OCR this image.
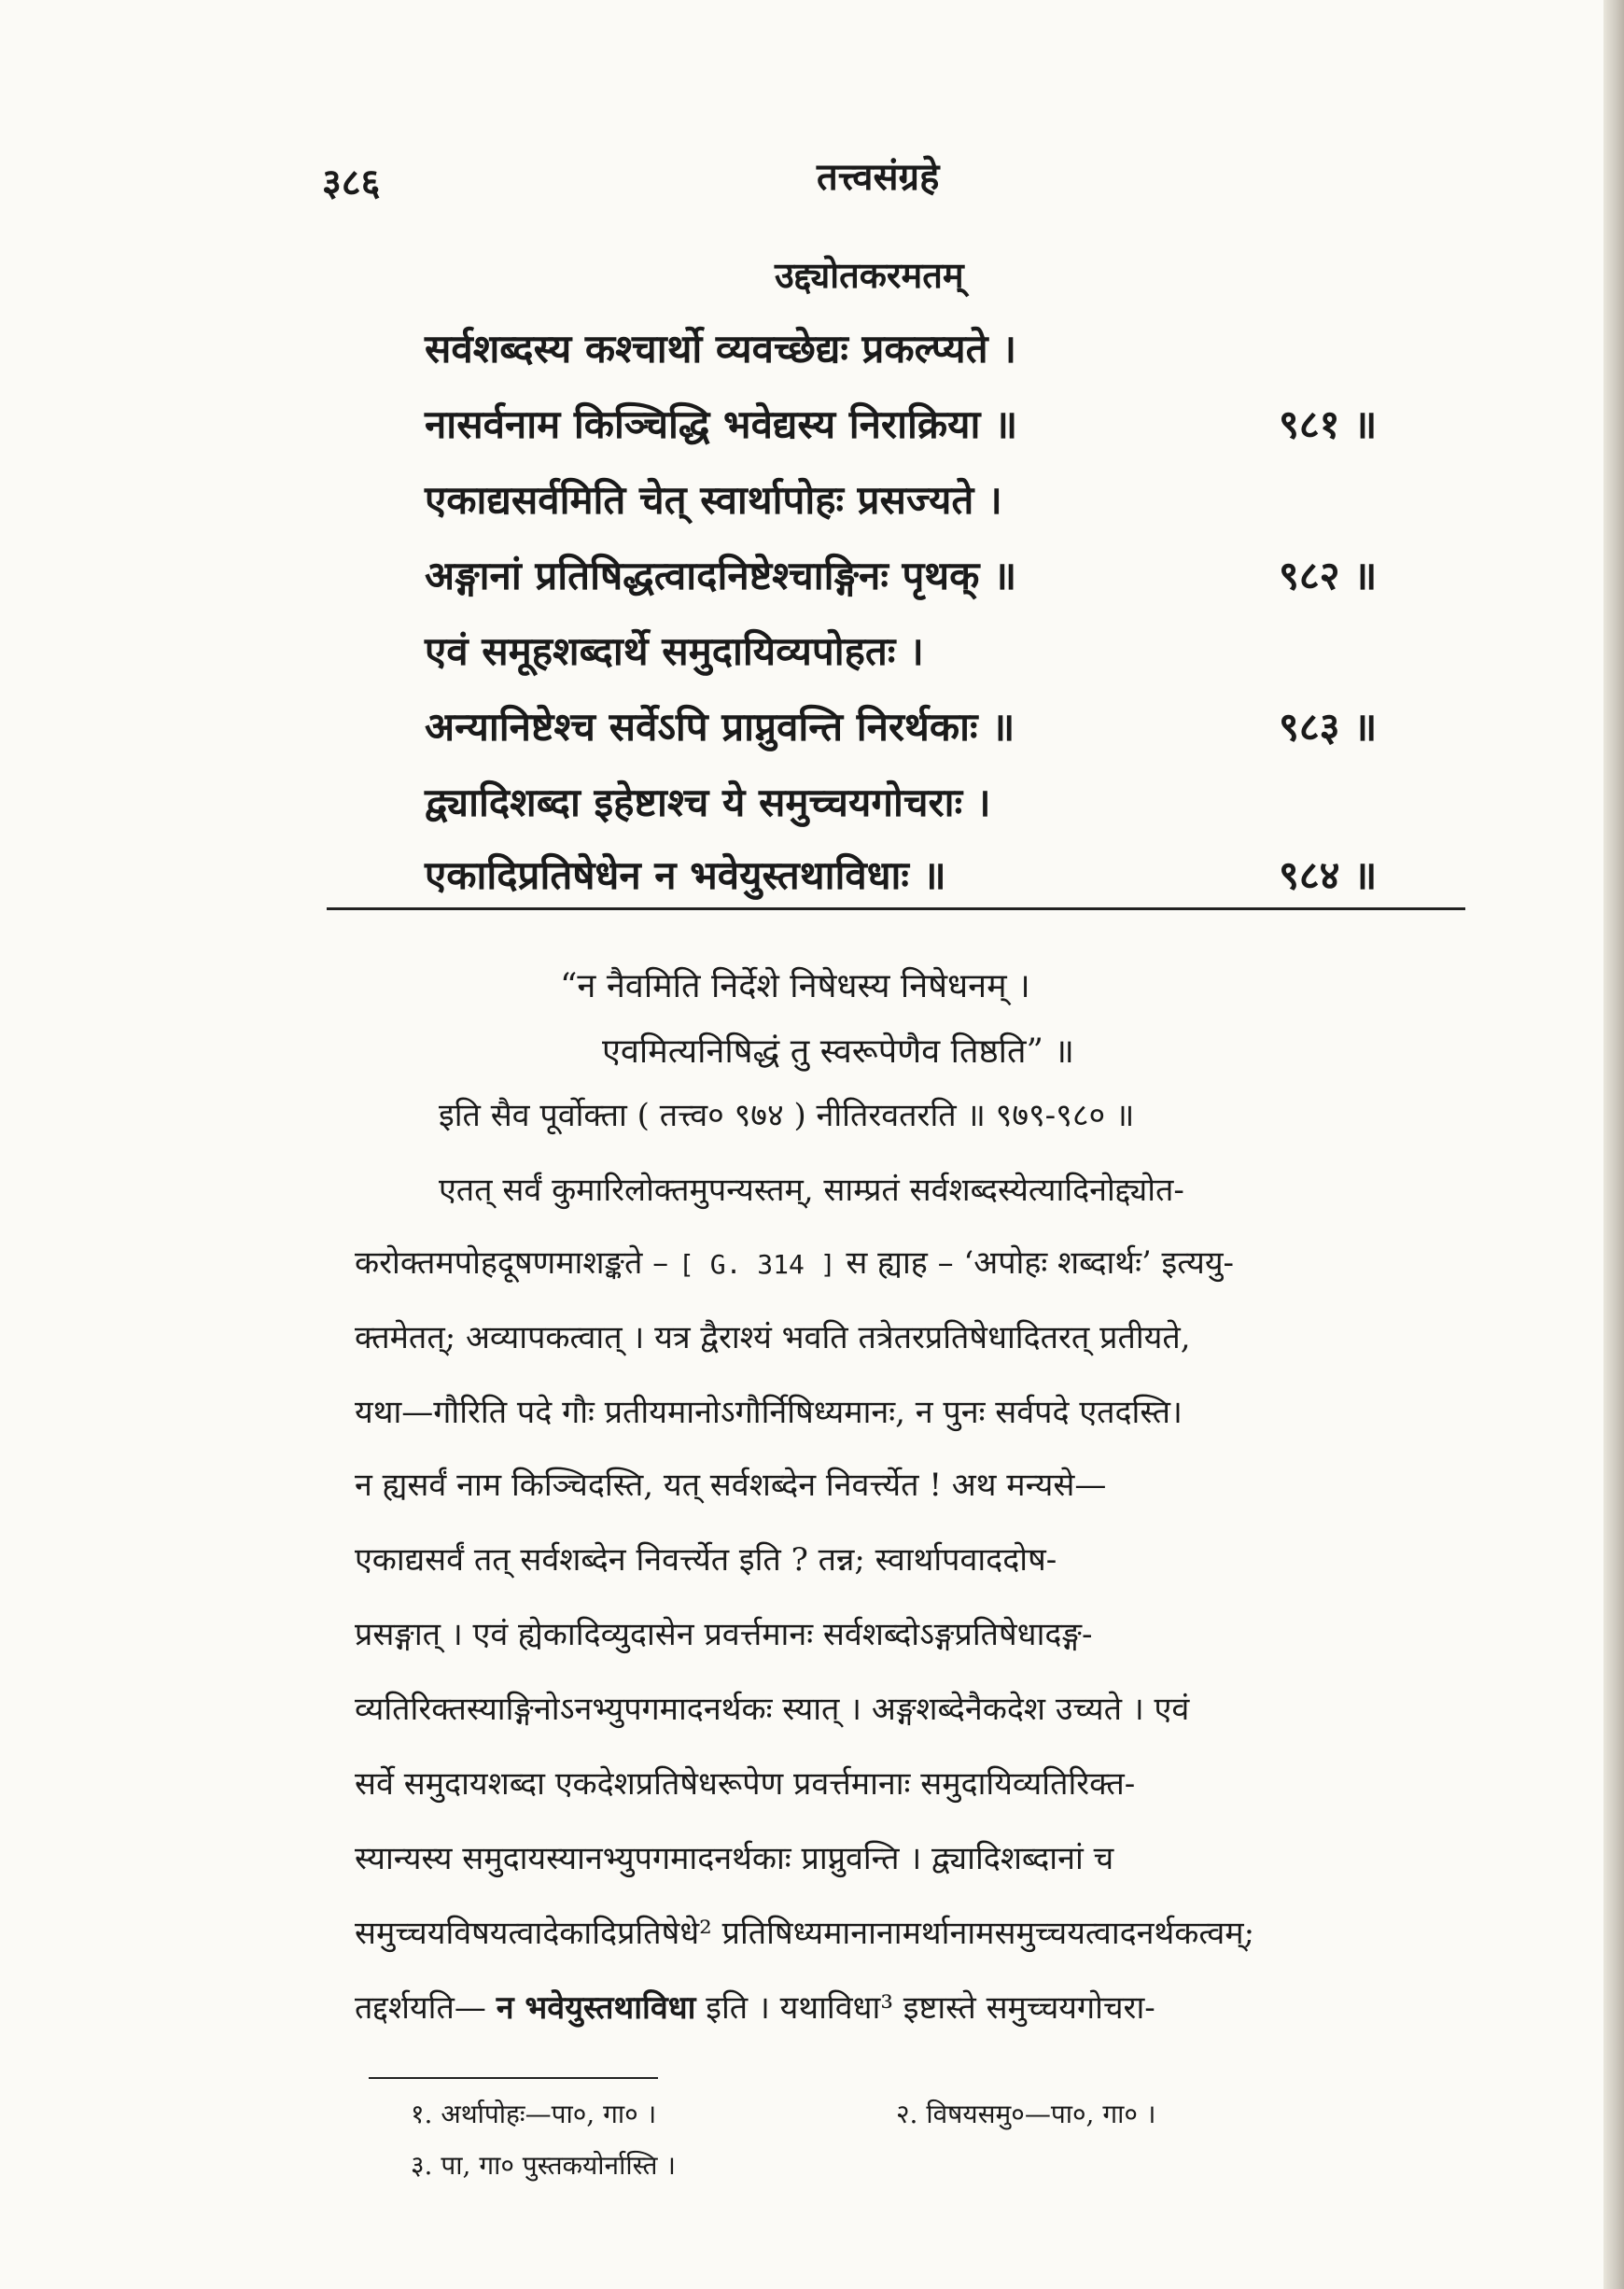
३८६	तत्त्वसंग्रहे
उद्द्योतकरमतम्
सर्वशब्दस्य कश्चार्थो व्यवच्छेद्यः प्रकल्प्यते ।
नासर्वनाम किञ्चिद्धि भवेद्यस्य निराक्रिया ॥	९८१ ॥
एकाद्यसर्वमिति चेत् स्वार्थापोहः प्रसज्यते ।
अङ्गानां प्रतिषिद्धत्वादनिष्टेश्चाङ्गिनः पृथक् ॥	९८२ ॥
एवं समूहशब्दार्थे समुदायिव्यपोहतः ।
अन्यानिष्टेश्च सर्वेऽपि प्राप्नुवन्ति निरर्थकाः ॥	९८३ ॥
द्व्यादिशब्दा इहेष्टाश्च ये समुच्चयगोचराः ।
एकादिप्रतिषेधेन न भवेयुस्तथाविधाः ॥	९८४ ॥
“न नैवमिति निर्देशे निषेधस्य निषेधनम् ।
एवमित्यनिषिद्धं तु स्वरूपेणैव तिष्ठति” ॥
इति सैव पूर्वोक्ता ( तत्त्व० ९७४ ) नीतिरवतरति ॥ ९७९-९८० ॥
एतत् सर्वं कुमारिलोक्तमुपन्यस्तम्, साम्प्रतं सर्वशब्दस्येत्यादिनोद्द्योत-
करोक्तमपोहदूषणमाशङ्कते – [ G. 314 ] स ह्याह – ‘अपोहः शब्दार्थः’ इत्ययु-
क्तमेतत्; अव्यापकत्वात् । यत्र द्वैराश्यं भवति तत्रेतरप्रतिषेधादितरत् प्रतीयते,
यथा—गौरिति पदे गौः प्रतीयमानोऽगौर्निषिध्यमानः, न पुनः सर्वपदे एतदस्ति।
न ह्यसर्वं नाम किञ्चिदस्ति, यत् सर्वशब्देन निवर्त्त्येत ! अथ मन्यसे—
एकाद्यसर्वं तत् सर्वशब्देन निवर्त्त्येत इति ? तन्न; स्वार्थापवाददोष-
प्रसङ्गात् । एवं ह्येकादिव्युदासेन प्रवर्त्तमानः सर्वशब्दोऽङ्गप्रतिषेधादङ्ग-
व्यतिरिक्तस्याङ्गिनोऽनभ्युपगमादनर्थकः स्यात् । अङ्गशब्देनैकदेश उच्यते । एवं
सर्वे समुदायशब्दा एकदेशप्रतिषेधरूपेण प्रवर्त्तमानाः समुदायिव्यतिरिक्त-
स्यान्यस्य समुदायस्यानभ्युपगमादनर्थकाः प्राप्नुवन्ति । द्व्यादिशब्दानां च
समुच्चयविषयत्वादेकादिप्रतिषेधे² प्रतिषिध्यमानानामर्थानामसमुच्चयत्वादनर्थकत्वम्;
तद्दर्शयति— न भवेयुस्तथाविधा इति । यथाविधा³ इष्टास्ते समुच्चयगोचरा-
१. अर्थापोहः—पा०, गा० ।	२. विषयसमु०—पा०, गा० ।
३. पा, गा० पुस्तकयोर्नास्ति ।
